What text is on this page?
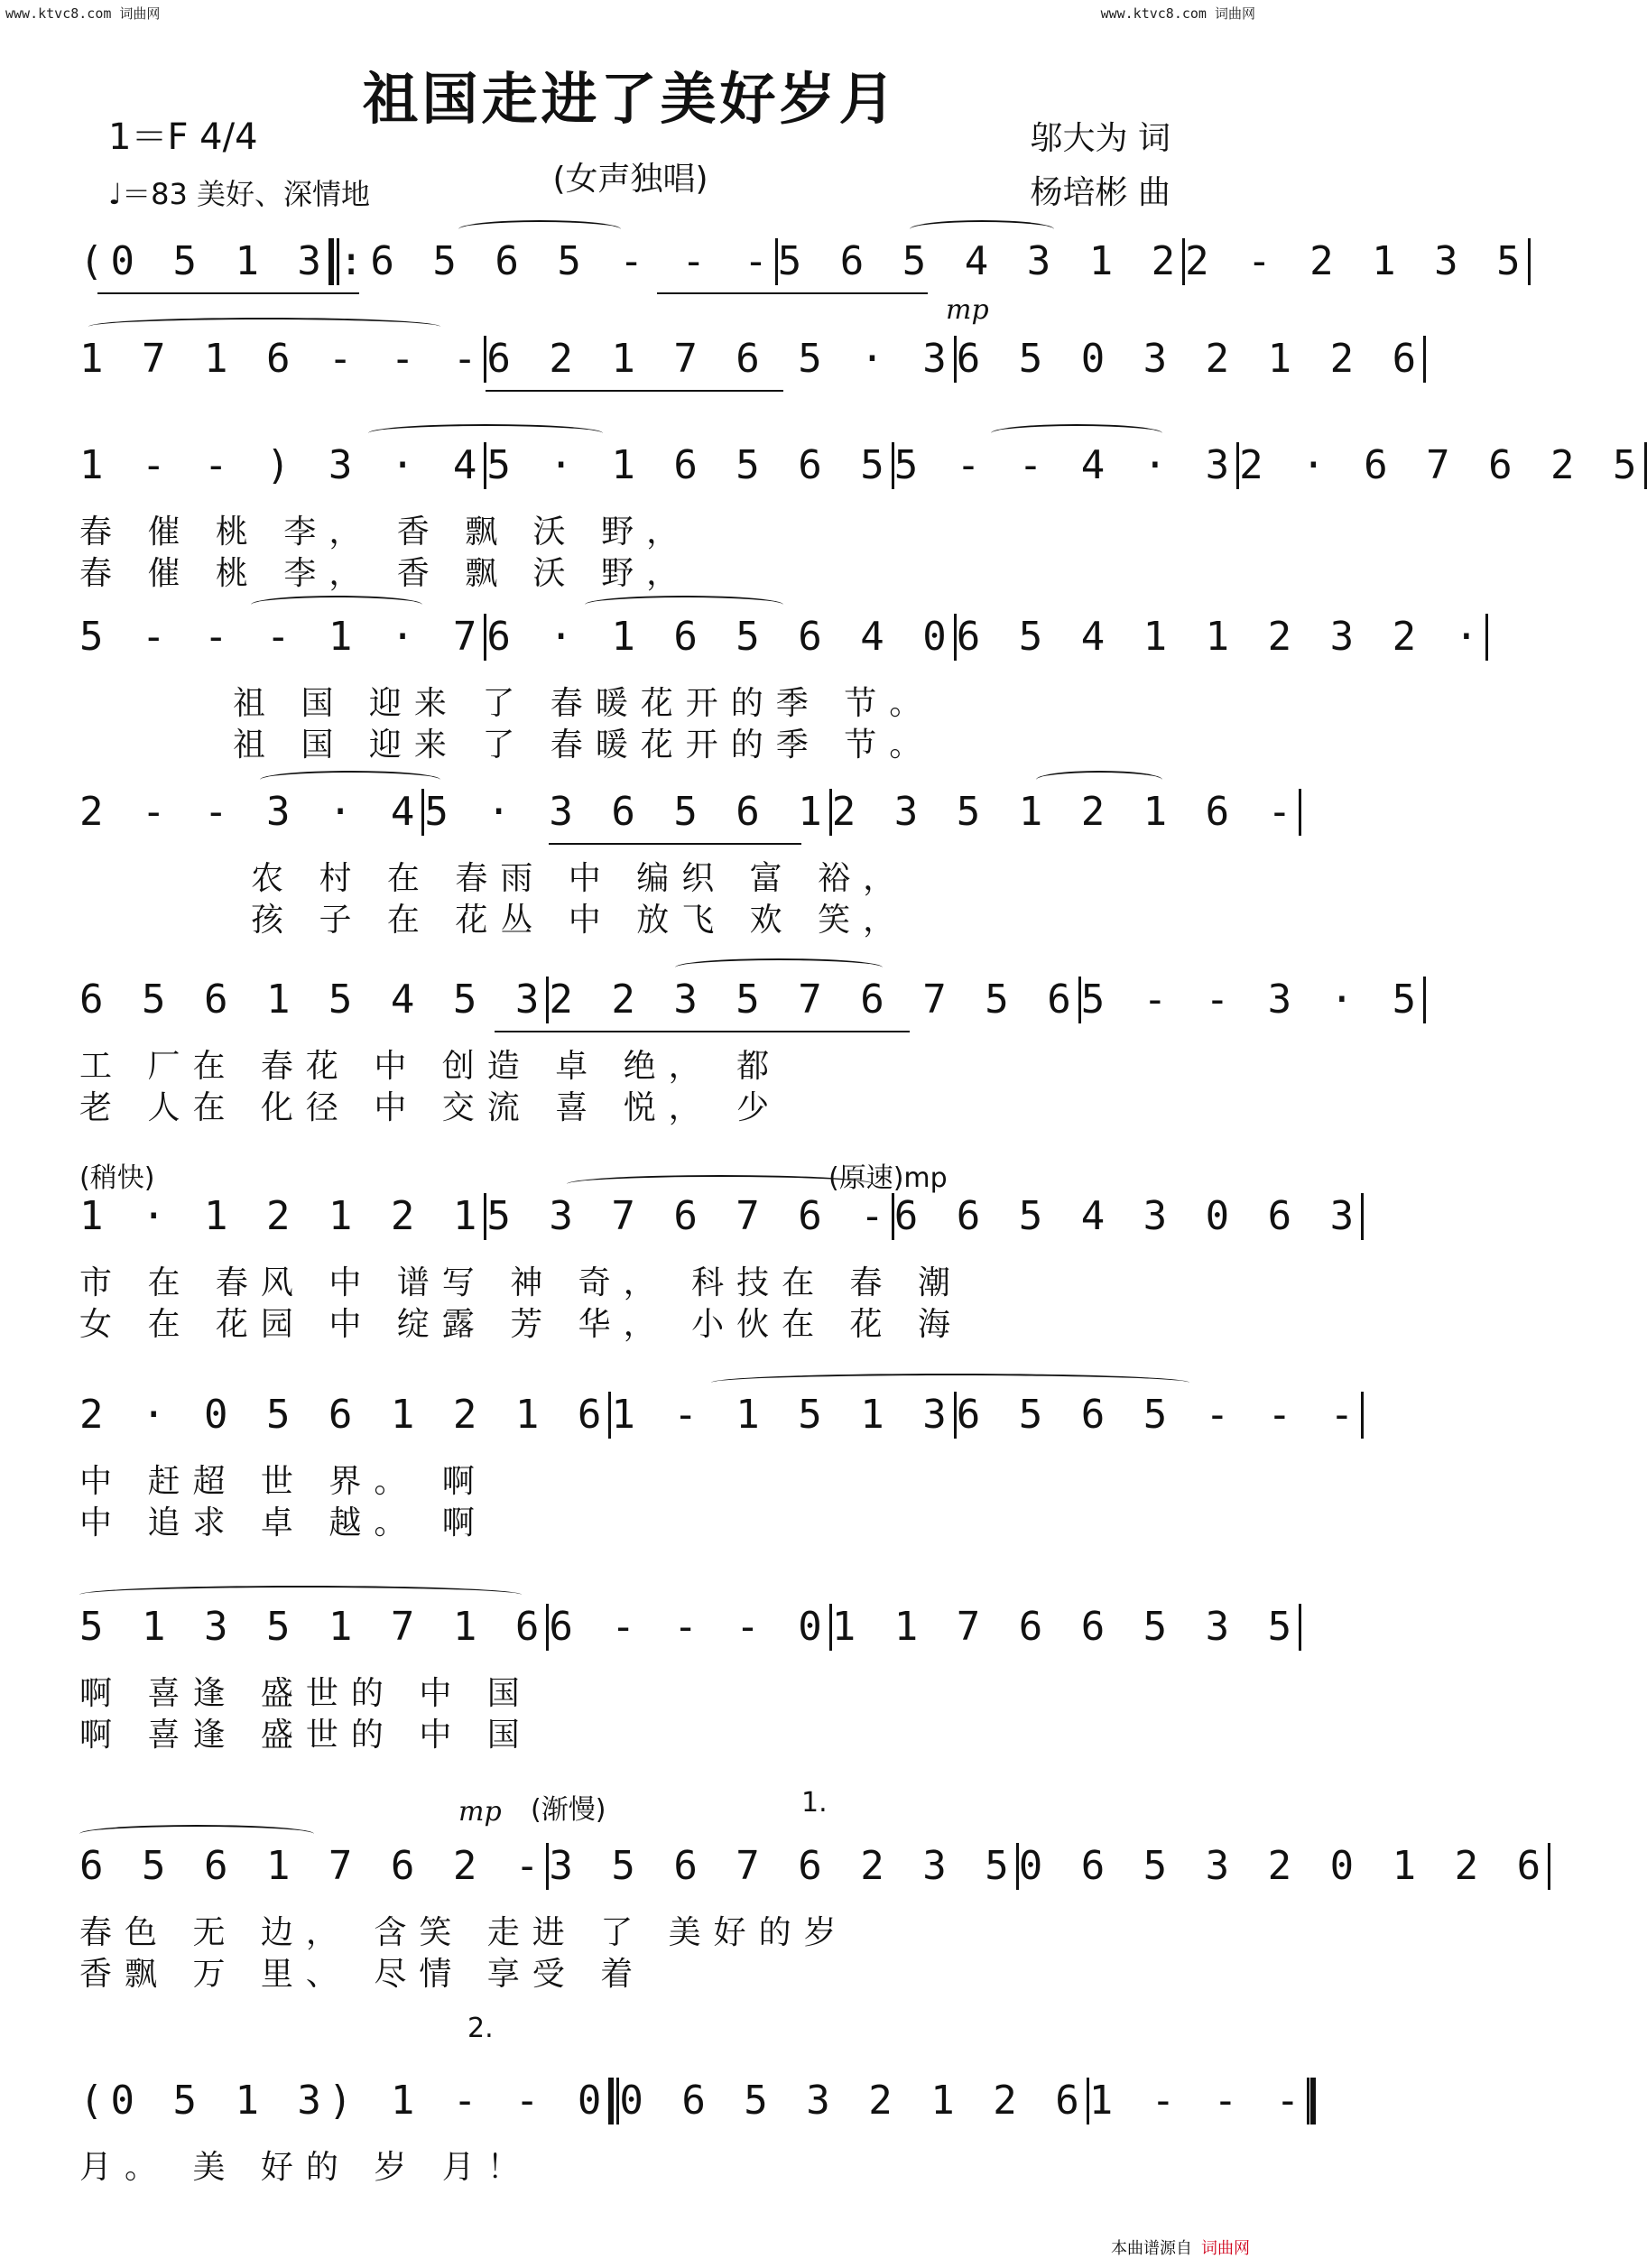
www.ktvc8.com 词曲网	www.ktvc8.com 词曲网
祖国走进了美好岁月
(女声独唱)
1＝F 4/4
♩＝83 美好、深情地
邬大为 词
杨培彬 曲
(0 5 1 3 :6 5 6 5 - - - 5 6 5 4 3 1 2 2 - 2 1 3 5
1 7 1 6 - - - 6 2 1 7 6 5 · 3 6 5 0 3 2 1 2 6
mp
1 - - ) 3 · 4 5 · 1 6 5 6 5 5 - - 4 · 3 2 · 6 7 6 2 5
春 催 桃 李， 香 飘 沃 野，
春 催 桃 李， 香 飘 沃 野，
5 - - - 1 · 7 6 · 1 6 5 6 4 0 6 5 4 1 1 2 3 2 ·
祖 国 迎来 了 春暖花开的季 节。
祖 国 迎来 了 春暖花开的季 节。
2 - - 3 · 4 5 · 3 6 5 6 1 2 3 5 1 2 1 6 -
农 村 在 春雨 中 编织 富 裕，
孩 子 在 花丛 中 放飞 欢 笑，
6 5 6 1 5 4 5 3 2 2 3 5 7 6 7 5 6 5 - - 3 · 5
工 厂在 春花 中 创造 卓 绝， 都
老 人在 化径 中 交流 喜 悦， 少
1 · 1 2 1 2 1 5 3 7 6 7 6 - 6 6 5 4 3 0 6 3
(稍快)	(原速)mp
市 在 春风 中 谱写 神 奇， 科技在 春 潮
女 在 花园 中 绽露 芳 华， 小伙在 花 海
2 · 0 5 6 1 2 1 6 1 - 1 5 1 3 6 5 6 5 - - -
中 赶超 世 界。 啊
中 追求 卓 越。 啊
5 1 3 5 1 7 1 6 6 - - - 0 1 1 7 6 6 5 3 5
啊 喜逢 盛世的 中 国
啊 喜逢 盛世的 中 国
6 5 6 1 7 6 2 - 3 5 6 7 6 2 3 5 0 6 5 3 2 0 1 2 6
mp (渐慢)	1.
春色 无 边， 含笑 走进 了 美好的岁
香飘 万 里、 尽情 享受 着
(0 5 1 3) 1 - - 0 0 6 5 3 2 1 2 6 1 - - -
2.
月。 美 好的 岁 月！
本曲谱源自 词曲网
